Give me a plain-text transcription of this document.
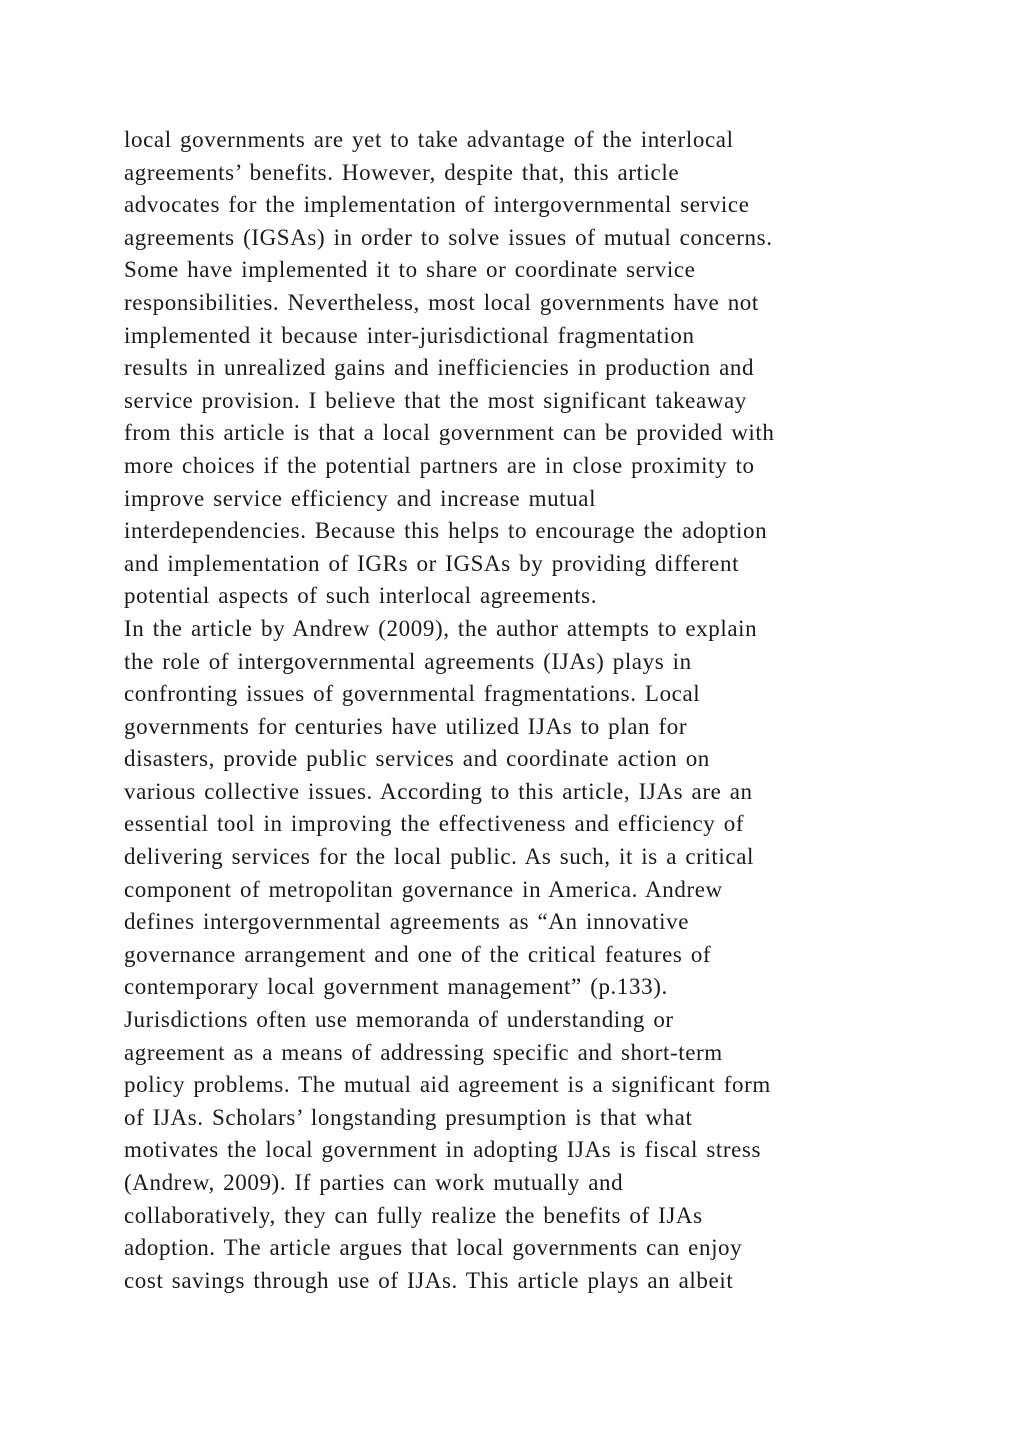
local governments are yet to take advantage of the interlocal
agreements’ benefits. However, despite that, this article
advocates for the implementation of intergovernmental service
agreements (IGSAs) in order to solve issues of mutual concerns.
Some have implemented it to share or coordinate service
responsibilities. Nevertheless, most local governments have not
implemented it because inter-jurisdictional fragmentation
results in unrealized gains and inefficiencies in production and
service provision. I believe that the most significant takeaway
from this article is that a local government can be provided with
more choices if the potential partners are in close proximity to
improve service efficiency and increase mutual
interdependencies. Because this helps to encourage the adoption
and implementation of IGRs or IGSAs by providing different
potential aspects of such interlocal agreements.
In the article by Andrew (2009), the author attempts to explain
the role of intergovernmental agreements (IJAs) plays in
confronting issues of governmental fragmentations. Local
governments for centuries have utilized IJAs to plan for
disasters, provide public services and coordinate action on
various collective issues. According to this article, IJAs are an
essential tool in improving the effectiveness and efficiency of
delivering services for the local public. As such, it is a critical
component of metropolitan governance in America. Andrew
defines intergovernmental agreements as “An innovative
governance arrangement and one of the critical features of
contemporary local government management” (p.133).
Jurisdictions often use memoranda of understanding or
agreement as a means of addressing specific and short-term
policy problems. The mutual aid agreement is a significant form
of IJAs. Scholars’ longstanding presumption is that what
motivates the local government in adopting IJAs is fiscal stress
(Andrew, 2009). If parties can work mutually and
collaboratively, they can fully realize the benefits of IJAs
adoption. The article argues that local governments can enjoy
cost savings through use of IJAs. This article plays an albeit
